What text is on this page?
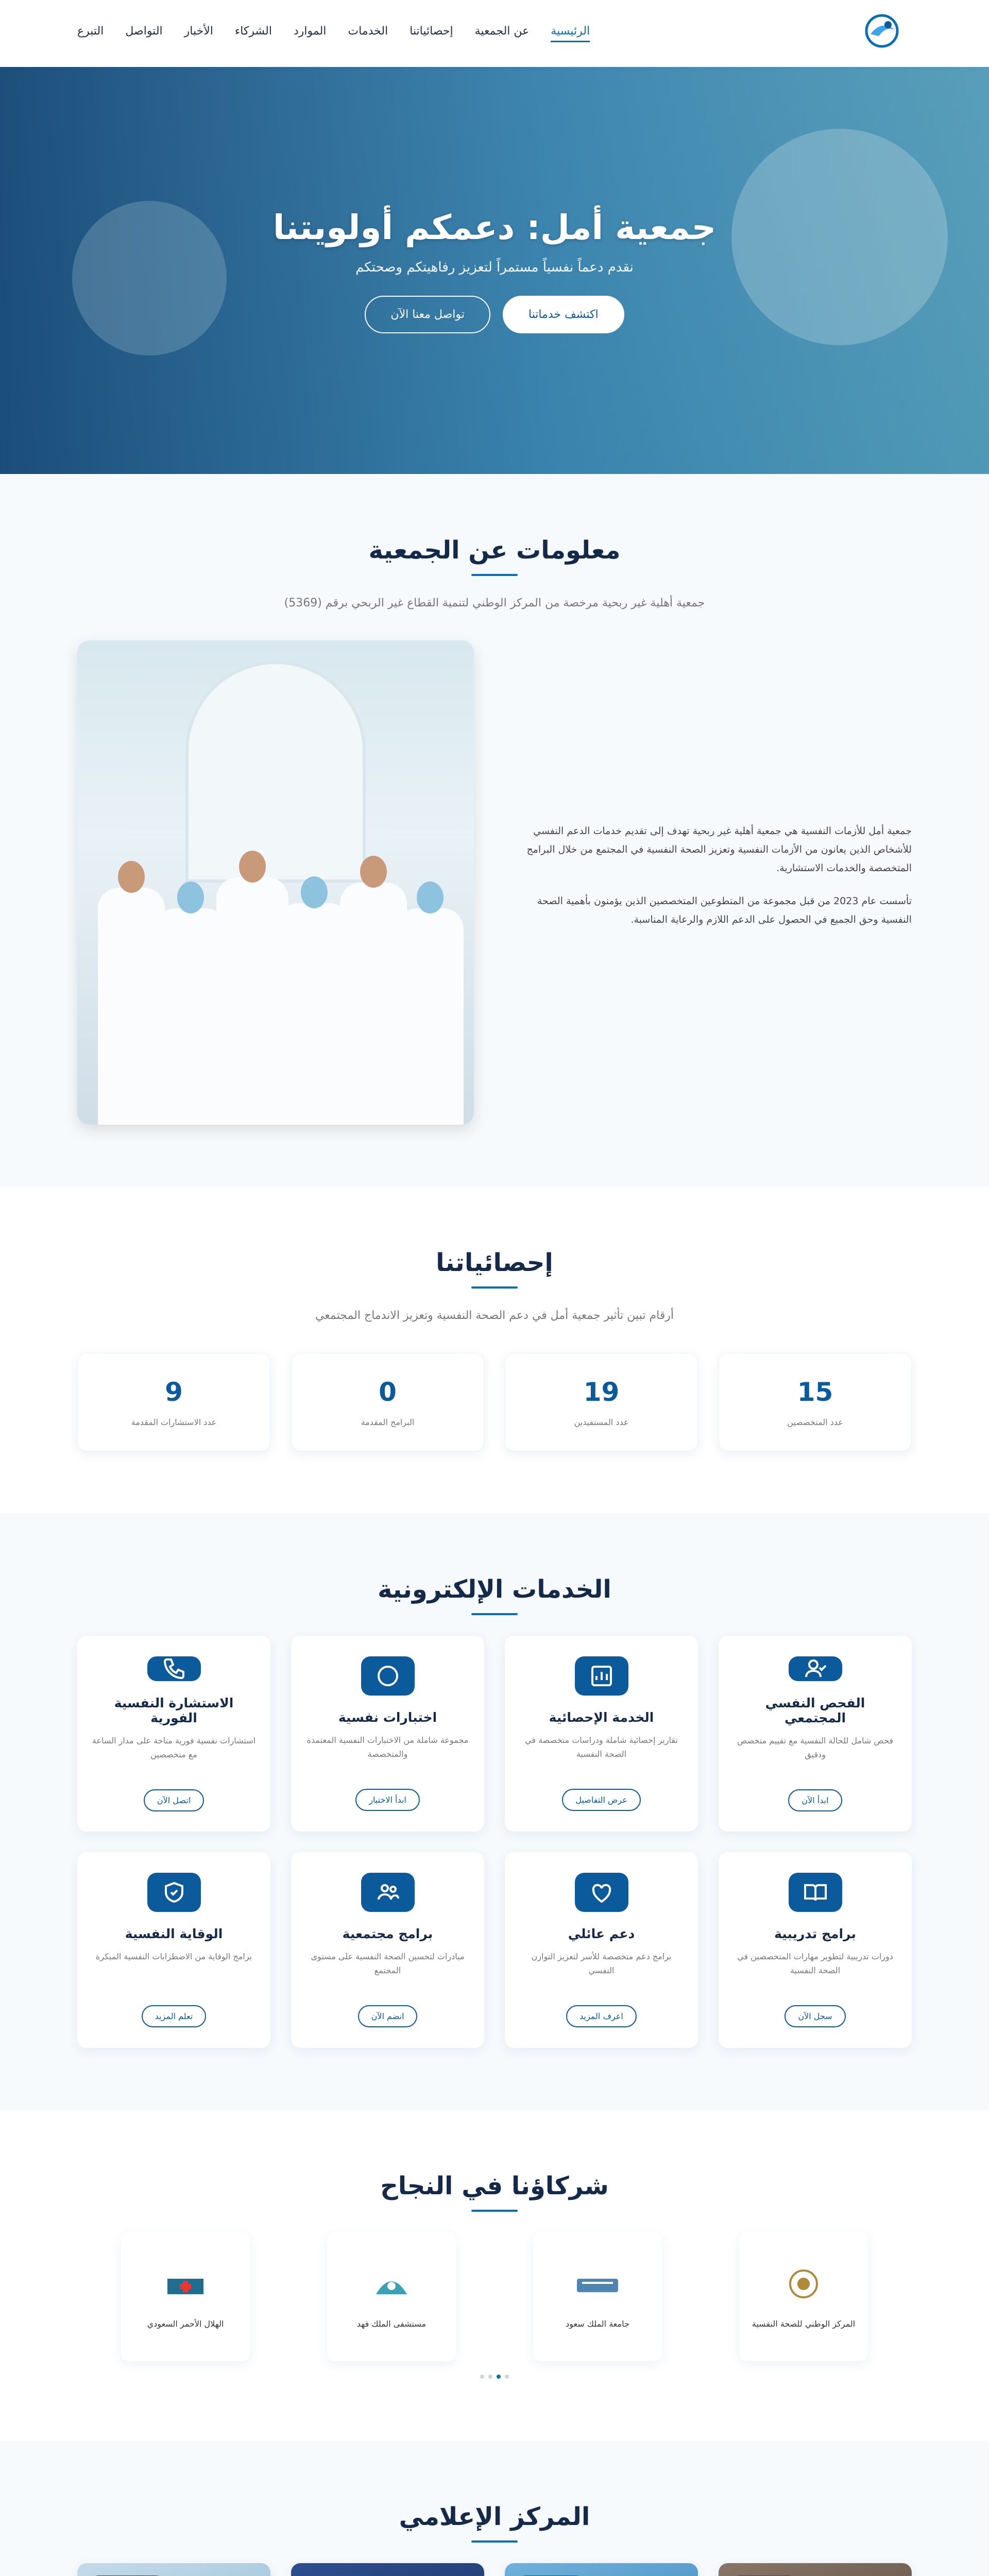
الرئيسية
عن الجمعية
إحصائياتنا
الخدمات
الموارد
الشركاء
الأخبار
التواصل
التبرع
جمعية أمل: دعمكم أولويتنا

نقدم دعماً نفسياً مستمراً لتعزيز رفاهيتكم وصحتكم

اكتشف خدماتنا
تواصل معنا الآن
معلومات عن الجمعية

جمعية أهلية غير ربحية مرخصة من المركز الوطني لتنمية القطاع غير الربحي برقم (5369)

جمعية أمل للأزمات النفسية هي جمعية أهلية غير ربحية تهدف إلى تقديم خدمات الدعم النفسي للأشخاص الذين يعانون من الأزمات النفسية وتعزيز الصحة النفسية في المجتمع من خلال البرامج المتخصصة والخدمات الاستشارية.

تأسست عام 2023 من قبل مجموعة من المتطوعين المتخصصين الذين يؤمنون بأهمية الصحة النفسية وحق الجميع في الحصول على الدعم اللازم والرعاية المناسبة.

إحصائياتنا

أرقام تبين تأثير جمعية أمل في دعم الصحة النفسية وتعزيز الاندماج المجتمعي

15
عدد المتخصصين
19
عدد المستفيدين
0
البرامج المقدمة
9
عدد الاستشارات المقدمة
الخدمات الإلكترونية
الفحص النفسي المجتمعي

فحص شامل للحالة النفسية مع تقييم متخصص ودقيق

ابدأ الآن
الخدمة الإحصائية

تقارير إحصائية شاملة ودراسات متخصصة في الصحة النفسية

عرض التفاصيل
اختبارات نفسية

مجموعة شاملة من الاختبارات النفسية المعتمدة والمتخصصة

ابدأ الاختبار
الاستشارة النفسية الفورية

استشارات نفسية فورية متاحة على مدار الساعة مع متخصصين

اتصل الآن
برامج تدريبية

دورات تدريبية لتطوير مهارات المتخصصين في الصحة النفسية

سجل الآن
دعم عائلي

برامج دعم متخصصة للأسر لتعزيز التوازن النفسي

اعرف المزيد
برامج مجتمعية

مبادرات لتحسين الصحة النفسية على مستوى المجتمع

انضم الآن
الوقاية النفسية

برامج الوقاية من الاضطرابات النفسية المبكرة

تعلم المزيد
شركاؤنا في النجاح
المركز الوطني للصحة النفسية
جامعة الملك سعود
مستشفى الملك فهد
الهلال الأحمر السعودي
المركز الإعلامي
